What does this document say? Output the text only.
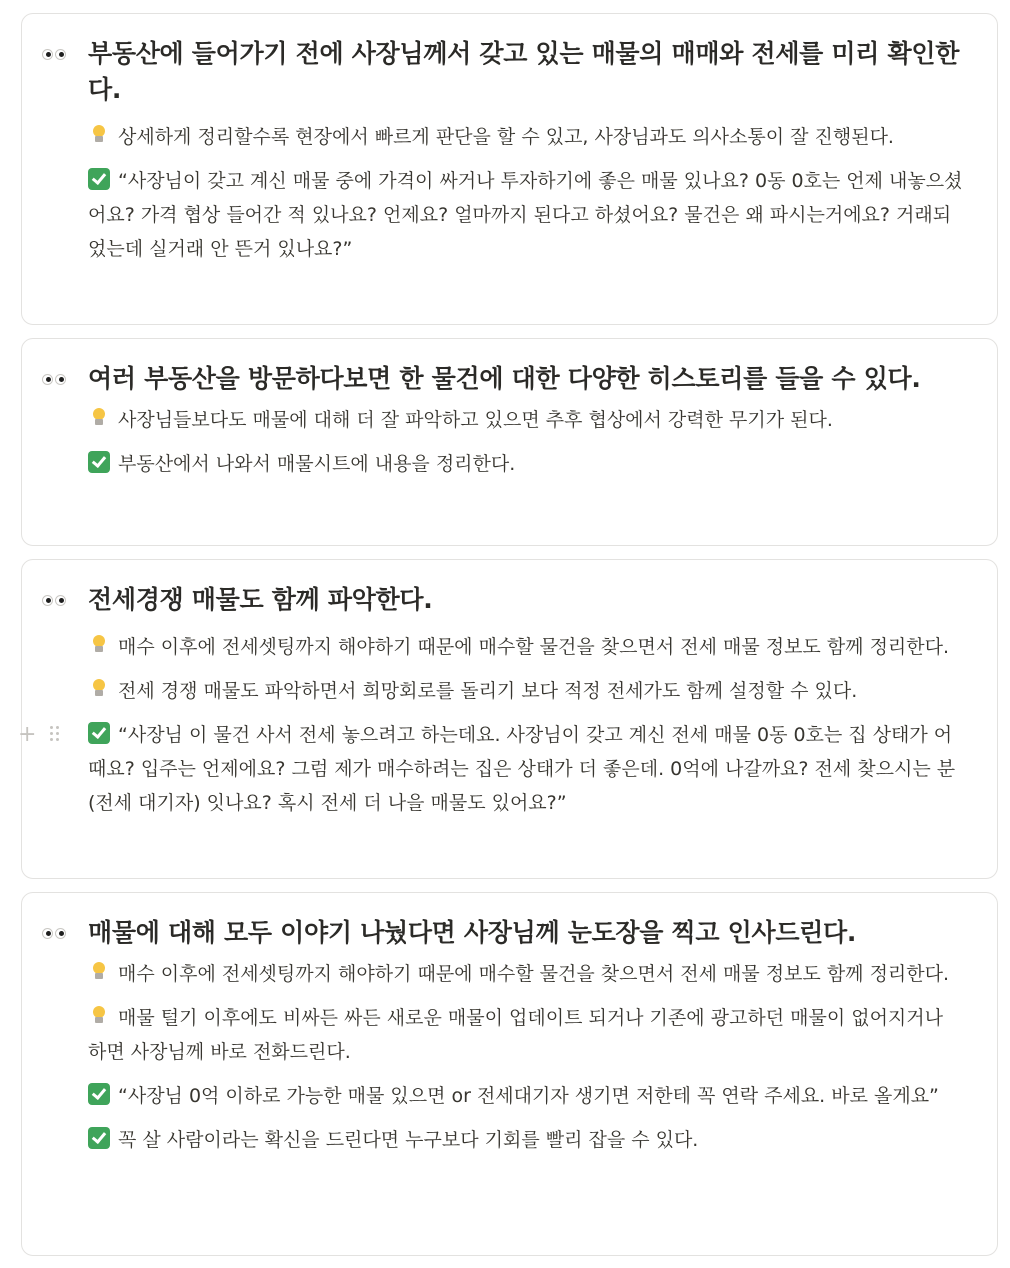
부동산에 들어가기 전에 사장님께서 갖고 있는 매물의 매매와 전세를 미리 확인한다.
상세하게 정리할수록 현장에서 빠르게 판단을 할 수 있고, 사장님과도 의사소통이 잘 진행된다.
“사장님이 갖고 계신 매물 중에 가격이 싸거나 투자하기에 좋은 매물 있나요? 0동 0호는 언제 내놓으셨어요? 가격 협상 들어간 적 있나요? 언제요? 얼마까지 된다고 하셨어요? 물건은 왜 파시는거에요? 거래되었는데 실거래 안 뜬거 있나요?”
여러 부동산을 방문하다보면 한 물건에 대한 다양한 히스토리를 들을 수 있다.
사장님들보다도 매물에 대해 더 잘 파악하고 있으면 추후 협상에서 강력한 무기가 된다.
부동산에서 나와서 매물시트에 내용을 정리한다.
전세경쟁 매물도 함께 파악한다.
매수 이후에 전세셋팅까지 해야하기 때문에 매수할 물건을 찾으면서 전세 매물 정보도 함께 정리한다.
전세 경쟁 매물도 파악하면서 희망회로를 돌리기 보다 적정 전세가도 함께 설정할 수 있다.
+	“사장님 이 물건 사서 전세 놓으려고 하는데요. 사장님이 갖고 계신 전세 매물 0동 0호는 집 상태가 어때요? 입주는 언제에요? 그럼 제가 매수하려는 집은 상태가 더 좋은데. 0억에 나갈까요? 전세 찾으시는 분(전세 대기자) 잇나요? 혹시 전세 더 나을 매물도 있어요?”
매물에 대해 모두 이야기 나눴다면 사장님께 눈도장을 찍고 인사드린다.
매수 이후에 전세셋팅까지 해야하기 때문에 매수할 물건을 찾으면서 전세 매물 정보도 함께 정리한다.
매물 털기 이후에도 비싸든 싸든 새로운 매물이 업데이트 되거나 기존에 광고하던 매물이 없어지거나 하면 사장님께 바로 전화드린다.
“사장님 0억 이하로 가능한 매물 있으면 or 전세대기자 생기면 저한테 꼭 연락 주세요. 바로 올게요”
꼭 살 사람이라는 확신을 드린다면 누구보다 기회를 빨리 잡을 수 있다.
